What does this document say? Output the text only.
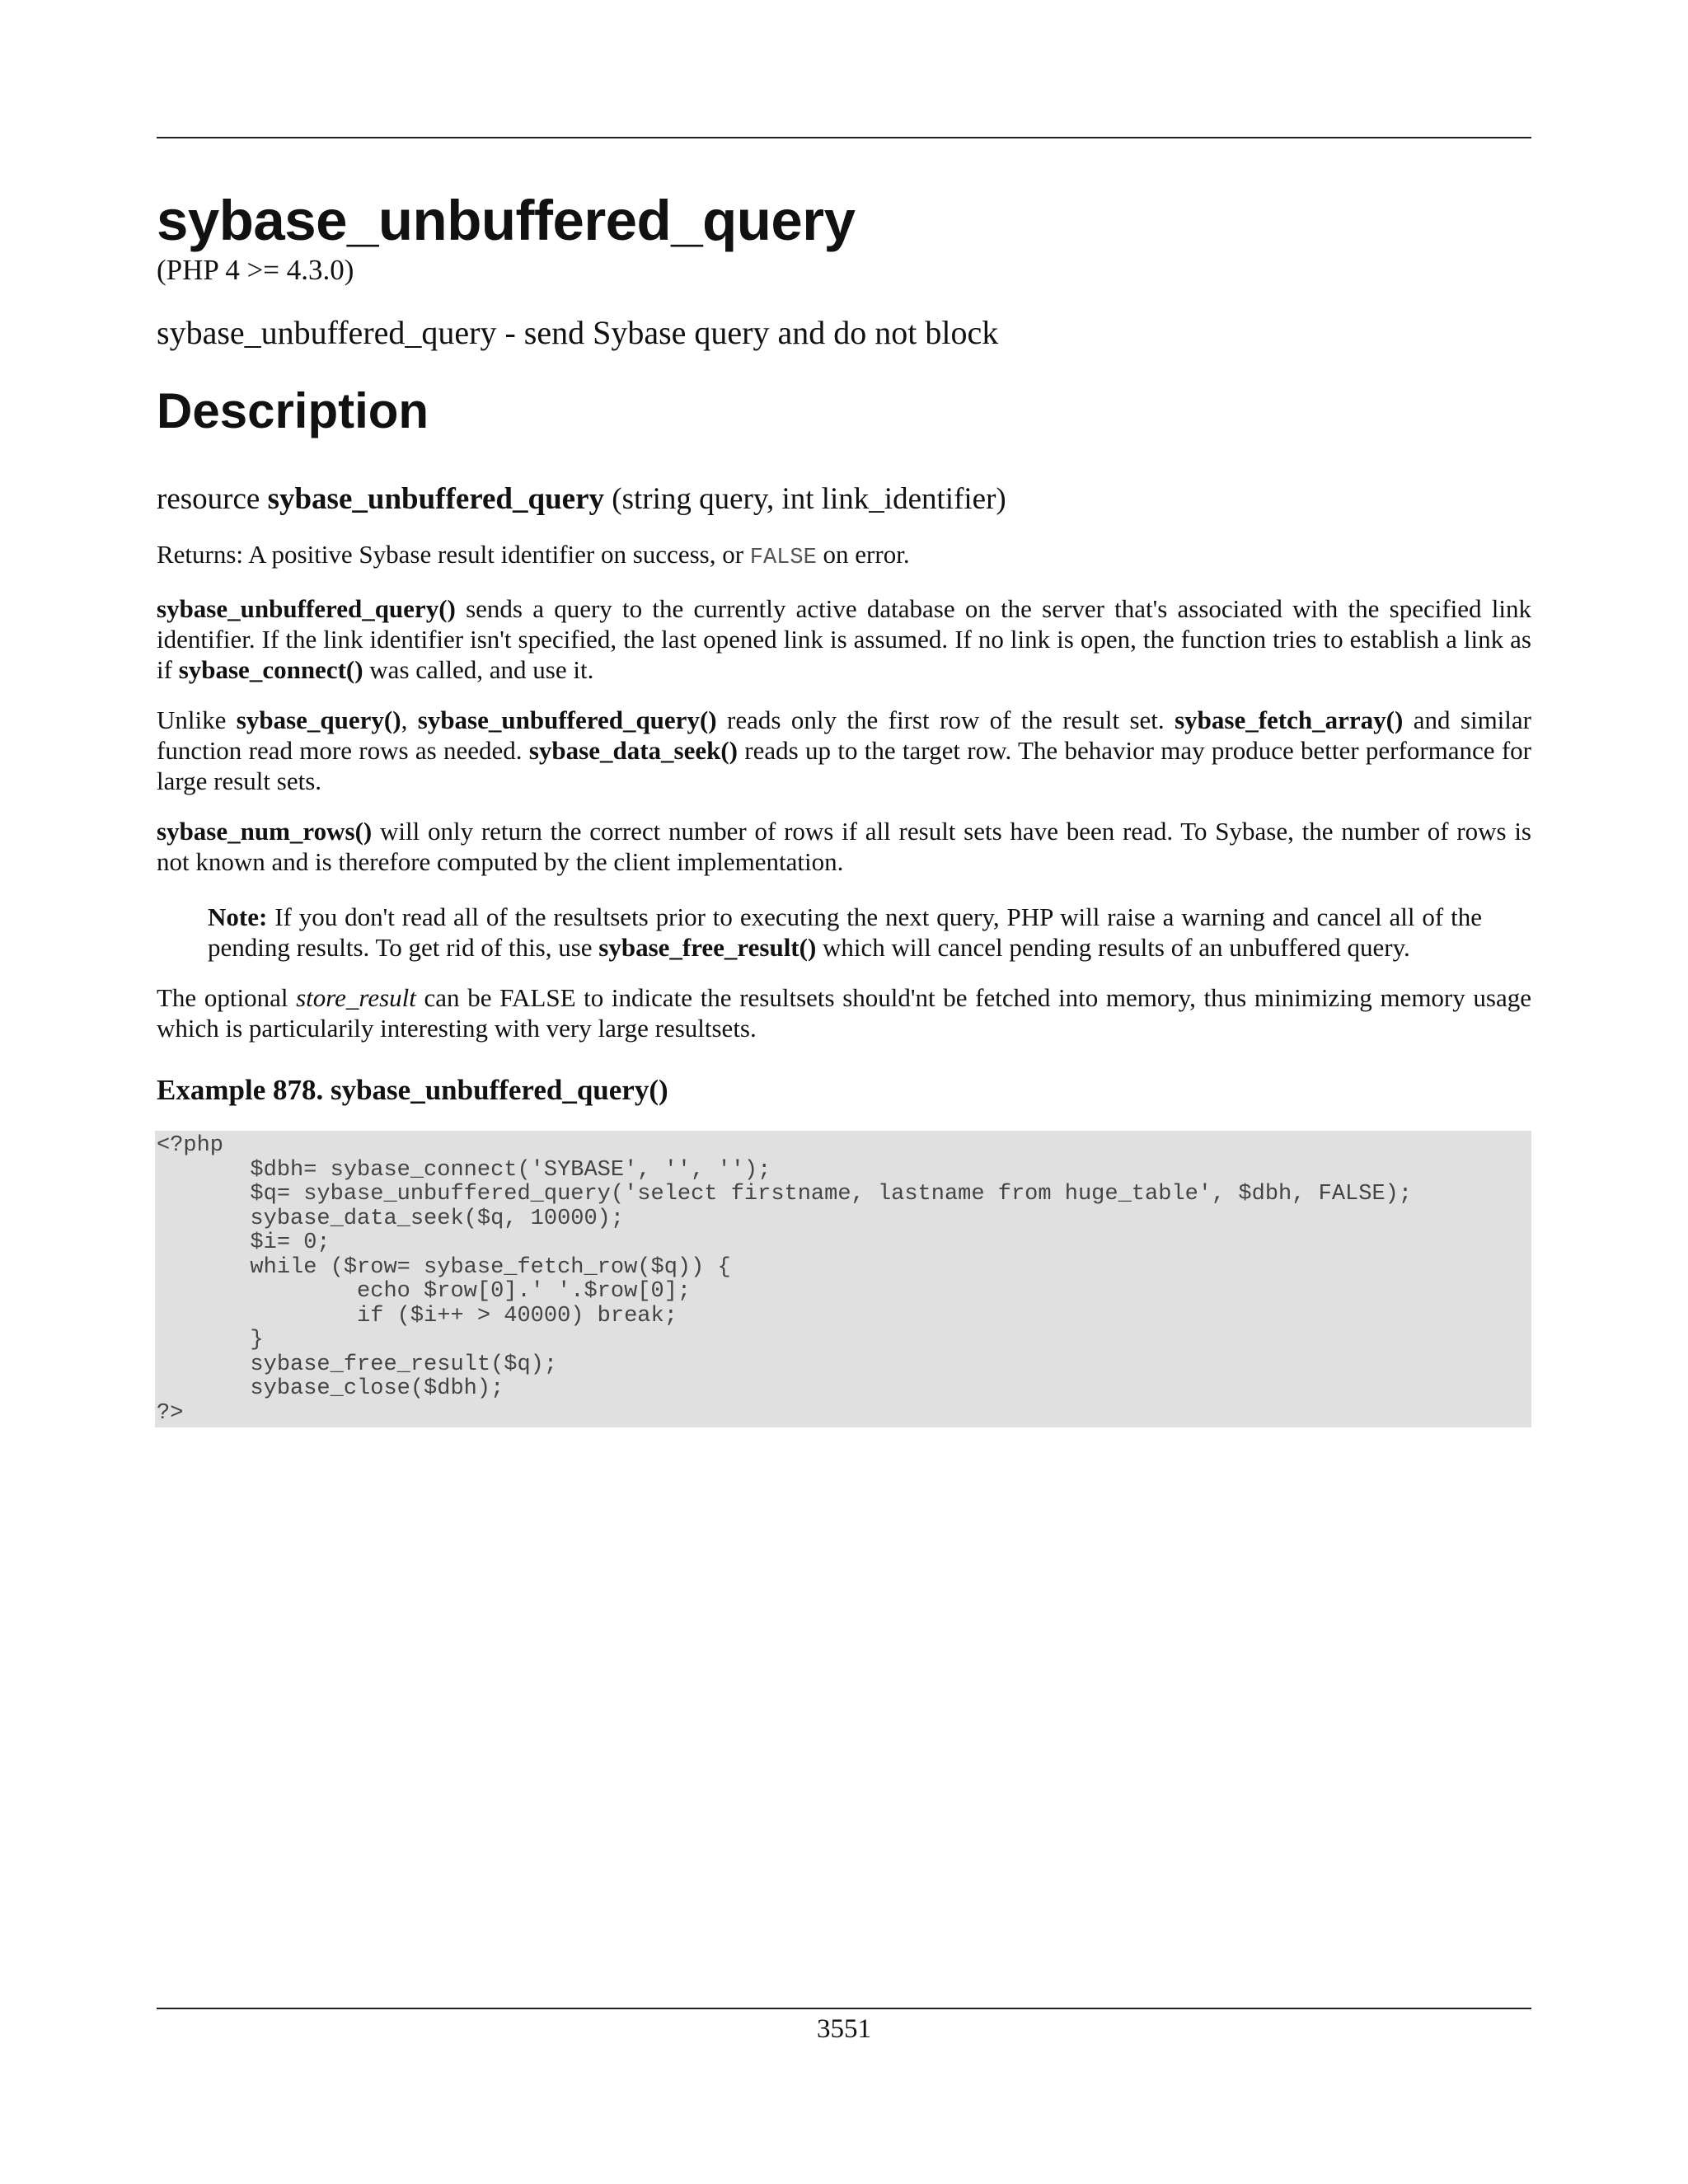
sybase_unbuffered_query
(PHP 4 >= 4.3.0)
sybase_unbuffered_query - send Sybase query and do not block
Description
resource sybase_unbuffered_query (string query, int link_identifier)

Returns: A positive Sybase result identifier on success, or FALSE on error.

sybase_unbuffered_query() sends a query to the currently active database on the server that's associated with the specified link identifier. If the link identifier isn't specified, the last opened link is assumed. If no link is open, the function tries to establish a link as if sybase_connect() was called, and use it.

Unlike sybase_query(), sybase_unbuffered_query() reads only the first row of the result set. sybase_fetch_array() and similar function read more rows as needed. sybase_data_seek() reads up to the target row. The behavior may produce better performance for large result sets.

sybase_num_rows() will only return the correct number of rows if all result sets have been read. To Sybase, the number of rows is not known and is therefore computed by the client implementation.

Note: If you don't read all of the resultsets prior to executing the next query, PHP will raise a warning and cancel all of the pending results. To get rid of this, use sybase_free_result() which will cancel pending results of an unbuffered query.

The optional store_result can be FALSE to indicate the resultsets should'nt be fetched into memory, thus minimizing memory usage which is particularily interesting with very large resultsets.

Example 878. sybase_unbuffered_query()
<?php
$dbh= sybase_connect('SYBASE', '', '');
$q= sybase_unbuffered_query('select firstname, lastname from huge_table', $dbh, FALSE);
sybase_data_seek($q, 10000);
$i= 0;
while ($row= sybase_fetch_row($q)) {
echo $row[0].' '.$row[0];
if ($i++ > 40000) break;
}
sybase_free_result($q);
sybase_close($dbh);
?>
3551
